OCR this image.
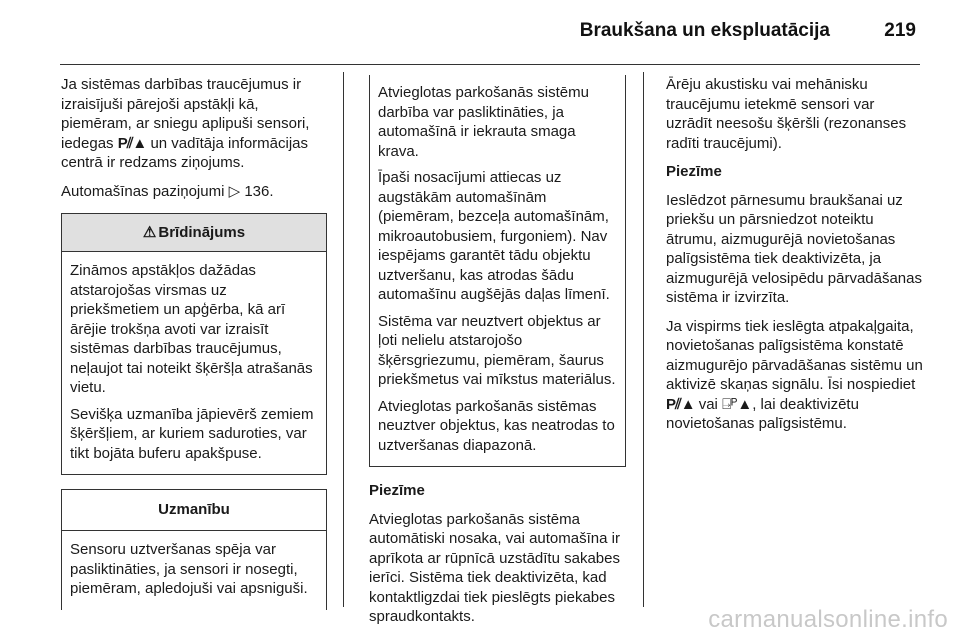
Braukšana un ekspluatācija	219

Ja sistēmas darbības traucējumus ir izraisījuši pārejoši apstākļi kā, piemēram, ar sniegu aplipuši sensori, iedegas P⫽▲ un vadītāja informācijas centrā ir redzams ziņojums.

Automašīnas paziņojumi ▷ 136.

⚠ Brīdinājums

Zināmos apstākļos dažādas atstarojošas virsmas uz priekšmetiem un apģērba, kā arī ārējie trokšņa avoti var izraisīt sistēmas darbības traucējumus, neļaujot tai noteikt šķēršļa atrašanās vietu.

Sevišķa uzmanība jāpievērš zemiem šķēršļiem, ar kuriem saduroties, var tikt bojāta buferu apakšpuse.

Uzmanību

Sensoru uztveršanas spēja var pasliktināties, ja sensori ir nosegti, piemēram, apledojuši vai apsniguši.

Atvieglotas parkošanās sistēmu darbība var pasliktināties, ja automašīnā ir iekrauta smaga krava.

Īpaši nosacījumi attiecas uz augstākām automašīnām (piemēram, bezceļa automašīnām, mikroautobusiem, furgoniem). Nav iespējams garantēt tādu objektu uztveršanu, kas atrodas šādu automašīnu augšējās daļas līmenī.

Sistēma var neuztvert objektus ar ļoti nelielu atstarojošo šķērsgriezumu, piemēram, šaurus priekšmetus vai mīkstus materiālus.

Atvieglotas parkošanās sistēmas neuztver objektus, kas neatrodas to uztveršanas diapazonā.

Piezīme

Atvieglotas parkošanās sistēma automātiski nosaka, vai automašīna ir aprīkota ar rūpnīcā uzstādītu sakabes ierīci. Sistēma tiek deaktivizēta, kad kontaktligzdai tiek pieslēgts piekabes spraudkontakts.

Ārēju akustisku vai mehānisku traucējumu ietekmē sensori var uzrādīt neesošu šķēršli (rezonanses radīti traucējumi).

Piezīme

Ieslēdzot pārnesumu braukšanai uz priekšu un pārsniedzot noteiktu ātrumu, aizmugurējā novietošanas palīgsistēma tiek deaktivizēta, ja aizmugurējā velosipēdu pārvadāšanas sistēma ir izvirzīta.

Ja vispirms tiek ieslēgta atpakaļgaita, novietošanas palīgsistēma konstatē aizmugurējo pārvadāšanas sistēmu un aktivizē skaņas signālu. Īsi nospiediet P⫽▲ vai ⍈ᴾ▲, lai deaktivizētu novietošanas palīgsistēmu.

carmanualsonline.info
